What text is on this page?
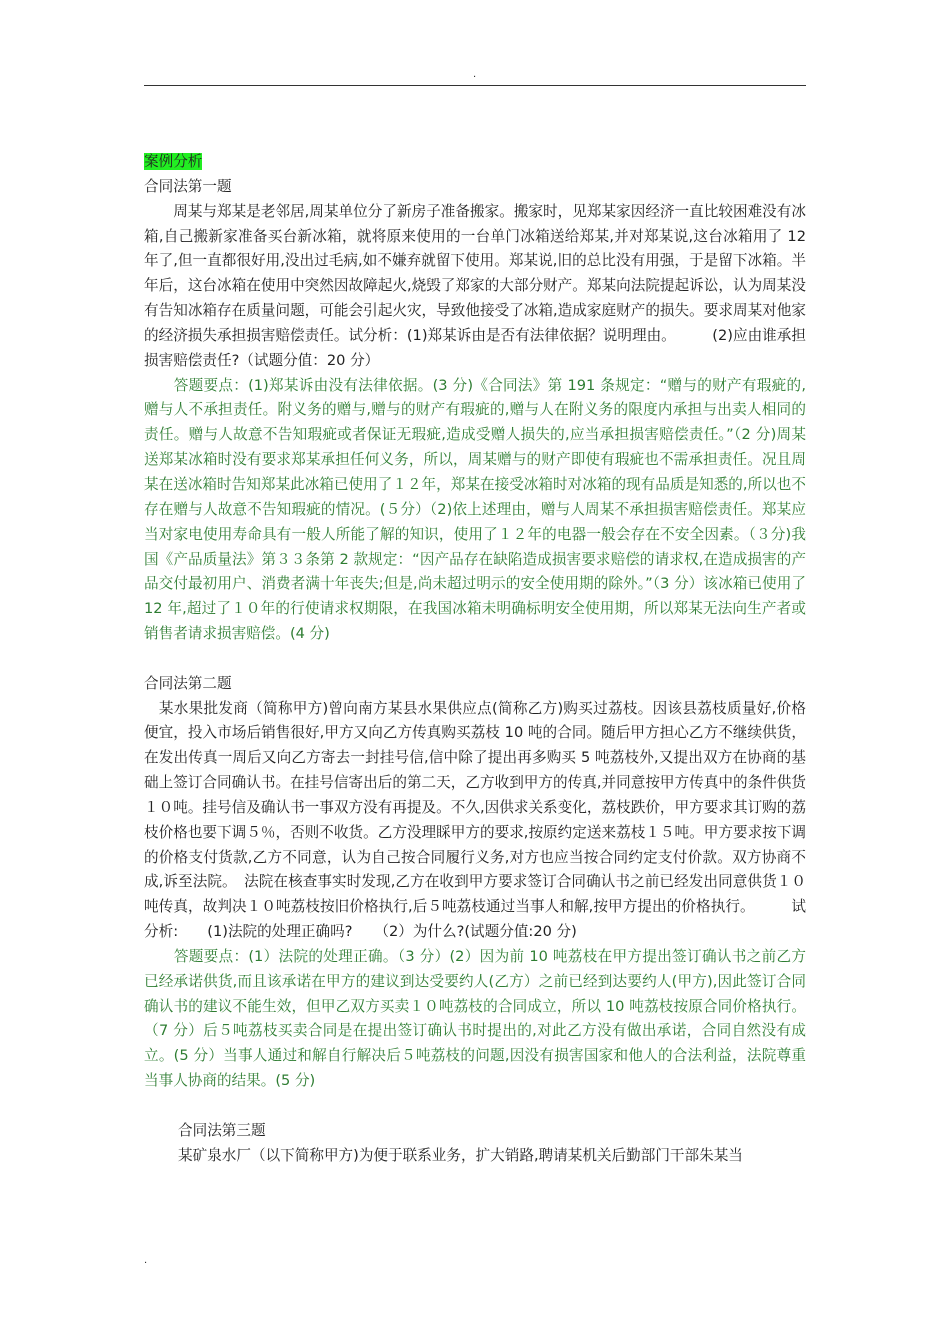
.

案例分析

合同法第一题

　　周某与郑某是老邻居,周某单位分了新房子准备搬家。搬家时，见郑某家因经济一直比较困难没有冰箱,自己搬新家准备买台新冰箱，就将原来使用的一台单门冰箱送给郑某,并对郑某说,这台冰箱用了 12 年了,但一直都很好用,没出过毛病,如不嫌弃就留下使用。郑某说,旧的总比没有用强，于是留下冰箱。半年后，这台冰箱在使用中突然因故障起火,烧毁了郑家的大部分财产。郑某向法院提起诉讼，认为周某没有告知冰箱存在质量问题，可能会引起火灾，导致他接受了冰箱,造成家庭财产的损失。要求周某对他家的经济损失承担损害赔偿责任。试分析：(1)郑某诉由是否有法律依据？说明理由。　　　(2)应由谁承担损害赔偿责任?（试题分值：20 分）

　　答题要点：(1)郑某诉由没有法律依据。(3 分)《合同法》第 191 条规定：“赠与的财产有瑕疵的,赠与人不承担责任。附义务的赠与,赠与的财产有瑕疵的,赠与人在附义务的限度内承担与出卖人相同的责任。赠与人故意不告知瑕疵或者保证无瑕疵,造成受赠人损失的,应当承担损害赔偿责任。”（2 分)周某送郑某冰箱时没有要求郑某承担任何义务，所以，周某赠与的财产即使有瑕疵也不需承担责任。况且周某在送冰箱时告知郑某此冰箱已使用了１２年，郑某在接受冰箱时对冰箱的现有品质是知悉的,所以也不存在赠与人故意不告知瑕疵的情况。(５分）（2)依上述理由，赠与人周某不承担损害赔偿责任。郑某应当对家电使用寿命具有一般人所能了解的知识，使用了１２年的电器一般会存在不安全因素。（３分)我国《产品质量法》第３３条第 2 款规定：“因产品存在缺陷造成损害要求赔偿的请求权,在造成损害的产品交付最初用户、消费者满十年丧失;但是,尚未超过明示的安全使用期的除外。”（3 分）该冰箱已使用了 12 年,超过了１０年的行使请求权期限，在我国冰箱未明确标明安全使用期，所以郑某无法向生产者或销售者请求损害赔偿。(4 分)

合同法第二题

　某水果批发商（简称甲方)曾向南方某县水果供应点(简称乙方)购买过荔枝。因该县荔枝质量好,价格便宜，投入市场后销售很好,甲方又向乙方传真购买荔枝 10 吨的合同。随后甲方担心乙方不继续供货，在发出传真一周后又向乙方寄去一封挂号信,信中除了提出再多购买 5 吨荔枝外,又提出双方在协商的基础上签订合同确认书。在挂号信寄出后的第二天，乙方收到甲方的传真,并同意按甲方传真中的条件供货１０吨。挂号信及确认书一事双方没有再提及。不久,因供求关系变化，荔枝跌价，甲方要求其订购的荔枝价格也要下调５％，否则不收货。乙方没理睬甲方的要求,按原约定送来荔枝１５吨。甲方要求按下调的价格支付货款,乙方不同意，认为自己按合同履行义务,对方也应当按合同约定支付价款。双方协商不成,诉至法院。　法院在核查事实时发现,乙方在收到甲方要求签订合同确认书之前已经发出同意供货１０吨传真，故判决１０吨荔枝按旧价格执行,后５吨荔枝通过当事人和解,按甲方提出的价格执行。　　　试分析:　　(1)法院的处理正确吗?　　（2）为什么?(试题分值:20 分)

　　答题要点：(1）法院的处理正确。（3 分）(2）因为前 10 吨荔枝在甲方提出签订确认书之前乙方已经承诺供货,而且该承诺在甲方的建议到达受要约人(乙方）之前已经到达要约人(甲方),因此签订合同确认书的建议不能生效，但甲乙双方买卖１０吨荔枝的合同成立，所以 10 吨荔枝按原合同价格执行。（7 分）后５吨荔枝买卖合同是在提出签订确认书时提出的,对此乙方没有做出承诺，合同自然没有成立。(5 分）当事人通过和解自行解决后５吨荔枝的问题,因没有损害国家和他人的合法利益，法院尊重当事人协商的结果。(5 分)

合同法第三题

某矿泉水厂（以下简称甲方)为便于联系业务，扩大销路,聘请某机关后勤部门干部朱某当

.
